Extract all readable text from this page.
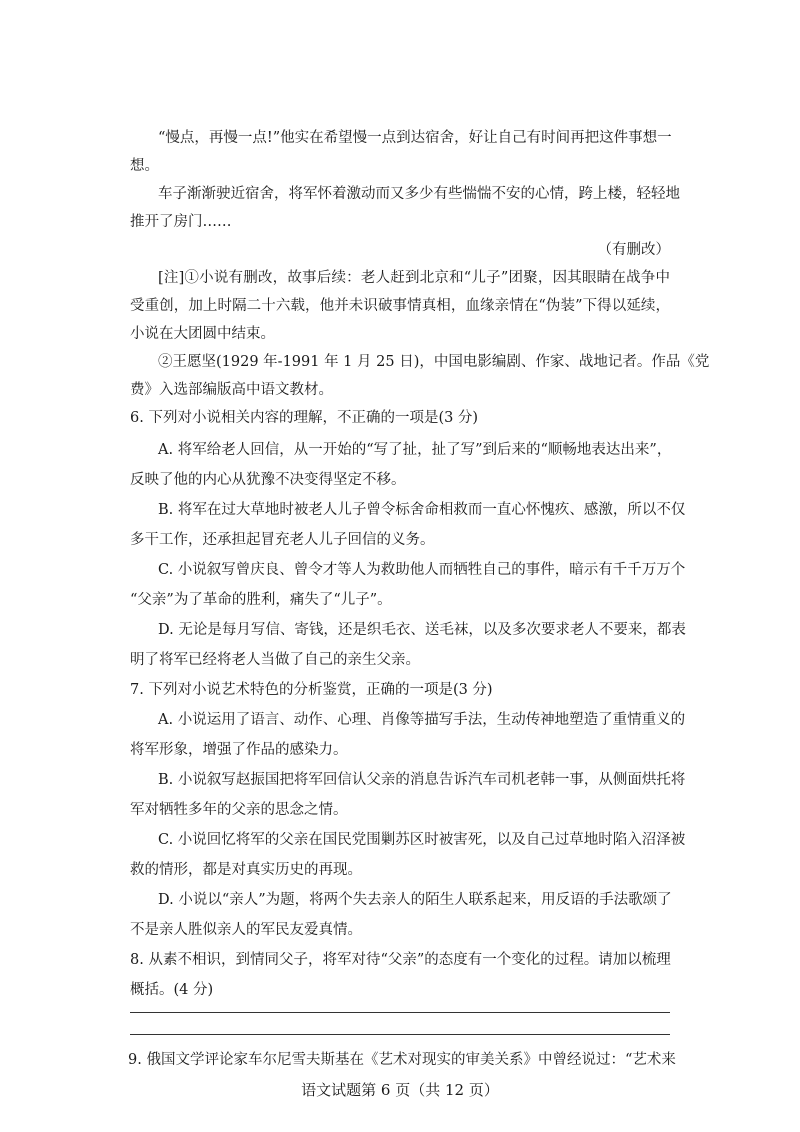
“慢点，再慢一点!”他实在希望慢一点到达宿舍，好让自己有时间再把这件事想一
想。
车子渐渐驶近宿舍，将军怀着激动而又多少有些惴惴不安的心情，跨上楼，轻轻地
推开了房门……
（有删改）
[注]①小说有删改，故事后续：老人赶到北京和“儿子”团聚，因其眼睛在战争中
受重创，加上时隔二十六载，他并未识破事情真相，血缘亲情在“伪装”下得以延续，
小说在大团圆中结束。
②王愿坚(1929 年-1991 年 1 月 25 日)，中国电影编剧、作家、战地记者。作品《党
费》入选部编版高中语文教材。
6. 下列对小说相关内容的理解，不正确的一项是(3 分)
A. 将军给老人回信，从一开始的“写了扯，扯了写”到后来的“顺畅地表达出来”，
反映了他的内心从犹豫不决变得坚定不移。
B. 将军在过大草地时被老人儿子曾令标舍命相救而一直心怀愧疚、感激，所以不仅
多干工作，还承担起冒充老人儿子回信的义务。
C. 小说叙写曾庆良、曾令才等人为救助他人而牺牲自己的事件，暗示有千千万万个
“父亲”为了革命的胜利，痛失了“儿子”。
D. 无论是每月写信、寄钱，还是织毛衣、送毛袜，以及多次要求老人不要来，都表
明了将军已经将老人当做了自己的亲生父亲。
7. 下列对小说艺术特色的分析鉴赏，正确的一项是(3 分)
A. 小说运用了语言、动作、心理、肖像等描写手法，生动传神地塑造了重情重义的
将军形象，增强了作品的感染力。
B. 小说叙写赵振国把将军回信认父亲的消息告诉汽车司机老韩一事，从侧面烘托将
军对牺牲多年的父亲的思念之情。
C. 小说回忆将军的父亲在国民党围剿苏区时被害死，以及自己过草地时陷入沼泽被
救的情形，都是对真实历史的再现。
D. 小说以“亲人”为题，将两个失去亲人的陌生人联系起来，用反语的手法歌颂了
不是亲人胜似亲人的军民友爱真情。
8. 从素不相识，到情同父子，将军对待“父亲”的态度有一个变化的过程。请加以梳理
概括。(4 分)
9. 俄国文学评论家车尔尼雪夫斯基在《艺术对现实的审美关系》中曾经说过：“艺术来
语文试题第 6 页（共 12 页）
